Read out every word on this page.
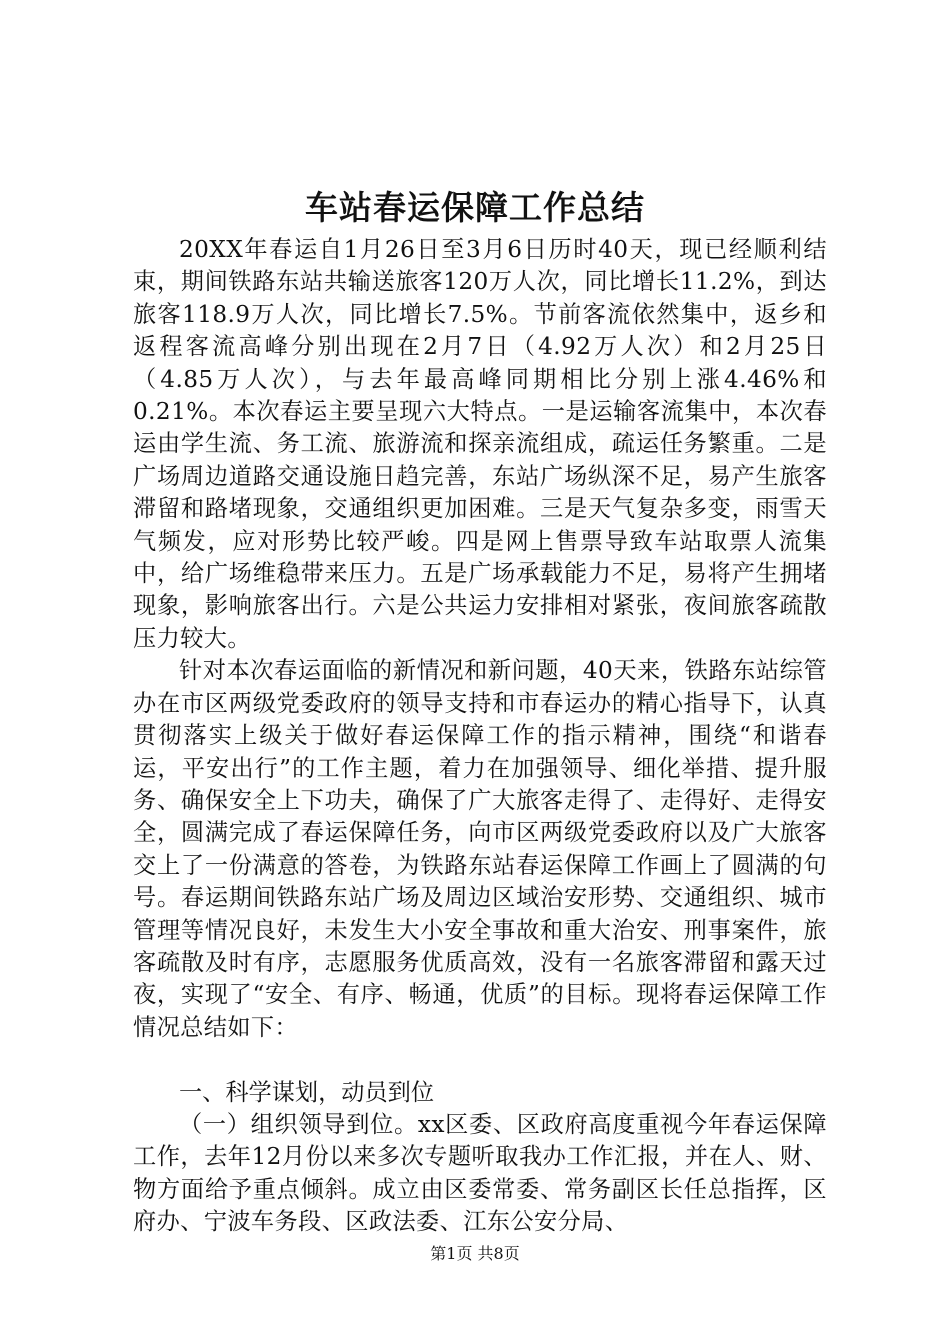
车站春运保障工作总结

20XX年春运自1月26日至3月6日历时40天，现已经顺利结束，期间铁路东站共输送旅客120万人次，同比增长11.2%，到达旅客118.9万人次，同比增长7.5%。节前客流依然集中，返乡和返程客流高峰分别出现在2月7日（4.92万人次）和2月25日（4.85万人次），与去年最高峰同期相比分别上涨4.46%和0.21%。本次春运主要呈现六大特点。一是运输客流集中，本次春运由学生流、务工流、旅游流和探亲流组成，疏运任务繁重。二是广场周边道路交通设施日趋完善，东站广场纵深不足，易产生旅客滞留和路堵现象，交通组织更加困难。三是天气复杂多变，雨雪天气频发，应对形势比较严峻。四是网上售票导致车站取票人流集中，给广场维稳带来压力。五是广场承载能力不足，易将产生拥堵现象，影响旅客出行。六是公共运力安排相对紧张，夜间旅客疏散压力较大。

针对本次春运面临的新情况和新问题，40天来，铁路东站综管办在市区两级党委政府的领导支持和市春运办的精心指导下，认真贯彻落实上级关于做好春运保障工作的指示精神，围绕“和谐春运，平安出行”的工作主题，着力在加强领导、细化举措、提升服务、确保安全上下功夫，确保了广大旅客走得了、走得好、走得安全，圆满完成了春运保障任务，向市区两级党委政府以及广大旅客交上了一份满意的答卷，为铁路东站春运保障工作画上了圆满的句号。春运期间铁路东站广场及周边区域治安形势、交通组织、城市管理等情况良好，未发生大小安全事故和重大治安、刑事案件，旅客疏散及时有序，志愿服务优质高效，没有一名旅客滞留和露天过夜，实现了“安全、有序、畅通，优质”的目标。现将春运保障工作情况总结如下：

一、科学谋划，动员到位

（一）组织领导到位。xx区委、区政府高度重视今年春运保障工作，去年12月份以来多次专题听取我办工作汇报，并在人、财、物方面给予重点倾斜。成立由区委常委、常务副区长任总指挥，区府办、宁波车务段、区政法委、江东公安分局、

第1页 共8页
